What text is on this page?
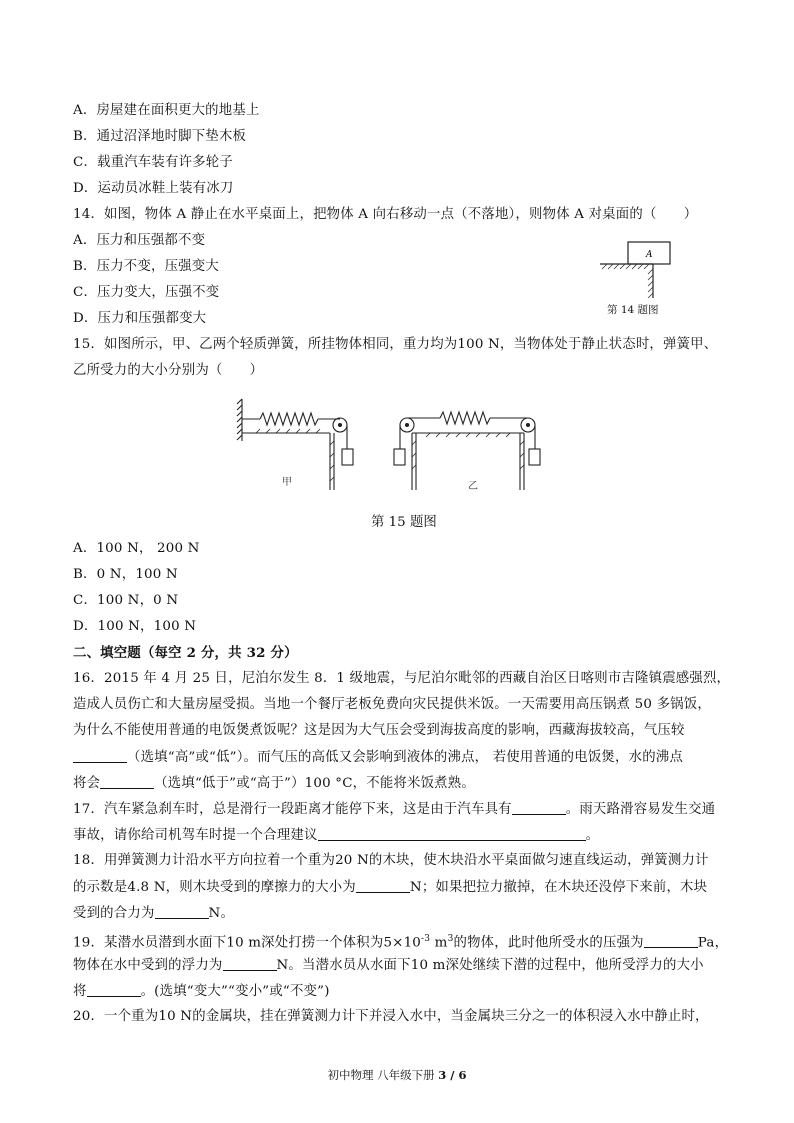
A．房屋建在面积更大的地基上
B．通过沼泽地时脚下垫木板
C．载重汽车装有许多轮子
D．运动员冰鞋上装有冰刀
14．如图，物体 A 静止在水平桌面上，把物体 A 向右移动一点（不落地），则物体 A 对桌面的（　　）
A．压力和压强都不变
B．压力不变，压强变大
C．压力变大，压强不变
D．压力和压强都变大
A
第 14 题图
15．如图所示，甲、乙两个轻质弹簧，所挂物体相同，重力均为100 N，当物体处于静止状态时，弹簧甲、
乙所受力的大小分别为（　　）
甲	乙
第 15 题图
A．100 N， 200 N
B．0 N，100 N
C．100 N，0 N
D．100 N，100 N
二、填空题（每空 2 分，共 32 分）
16．2015 年 4 月 25 日，尼泊尔发生 8．1 级地震，与尼泊尔毗邻的西藏自治区日喀则市吉隆镇震感强烈，
造成人员伤亡和大量房屋受损。当地一个餐厅老板免费向灾民提供米饭。一天需要用高压锅煮 50 多锅饭，
为什么不能使用普通的电饭煲煮饭呢？这是因为大气压会受到海拔高度的影响，西藏海拔较高，气压较
（选填“高”或“低”）。而气压的高低又会影响到液体的沸点， 若使用普通的电饭煲，水的沸点
将会	（选填“低于”或“高于”）100 °C，不能将米饭煮熟。
17．汽车紧急刹车时，总是滑行一段距离才能停下来，这是由于汽车具有	。雨天路滑容易发生交通
事故，请你给司机驾车时提一个合理建议	。
18．用弹簧测力计沿水平方向拉着一个重为20 N的木块，使木块沿水平桌面做匀速直线运动，弹簧测力计
的示数是4.8 N，则木块受到的摩擦力的大小为	N；如果把拉力撤掉，在木块还没停下来前，木块
受到的合力为	N。
19．某潜水员潜到水面下10 m深处打捞一个体积为$5\times 10^{-3}$ $m^3$的物体，此时他所受水的压强为	Pa，
物体在水中受到的浮力为	N。当潜水员从水面下10 m深处继续下潜的过程中，他所受浮力的大小
将	。(选填“变大”“变小”或“不变”)
20．一个重为10 N的金属块，挂在弹簧测力计下并浸入水中，当金属块三分之一的体积浸入水中静止时，
初中物理 八年级下册 3 / 6
